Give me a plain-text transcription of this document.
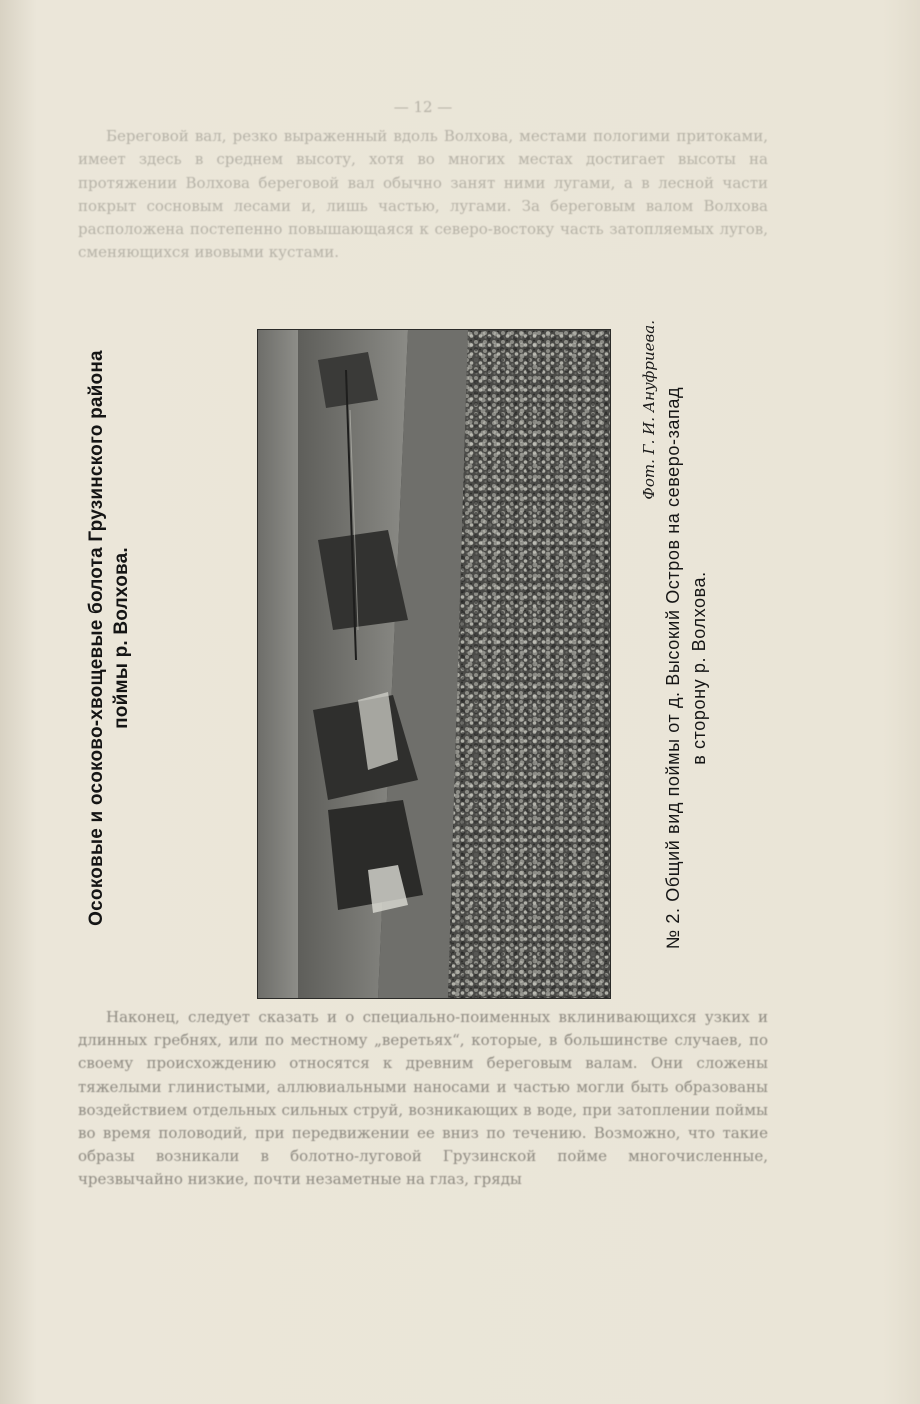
— 12 —

Береговой вал, резко выраженный вдоль Волхова, местами пологими притоками, имеет здесь в среднем высоту, хотя во многих местах достигает высоты на протяжении Волхова береговой вал обычно занят ними лугами, а в лесной части покрыт сосновым лесами и, лишь частью, лугами. За береговым валом Волхова расположена постепенно повышающаяся к северо-востоку часть затопляемых лугов, сменяющихся ивовыми кустами.

Наконец, следует сказать и о специально-поименных вклинивающихся узких и длинных гребнях, или по местному „веретьях“, которые, в большинстве случаев, по своему происхождению относятся к древним береговым валам. Они сложены тяжелыми глинистыми, аллювиальными наносами и частью могли быть образованы воздействием отдельных сильных струй, возникающих в воде, при затоплении поймы во время половодий, при передвижении ее вниз по течению. Возможно, что такие образы возникали в болотно-луговой Грузинской пойме многочисленные, чрезвычайно низкие, почти незаметные на глаз, гряды

Осоковые и осоково-хвощевые болота Грузинского района поймы р. Волхова.
Фот. Г. И. Ануфриева. № 2. Общий вид поймы от д. Высокий Остров на северо-запад в сторону р. Волхова.
